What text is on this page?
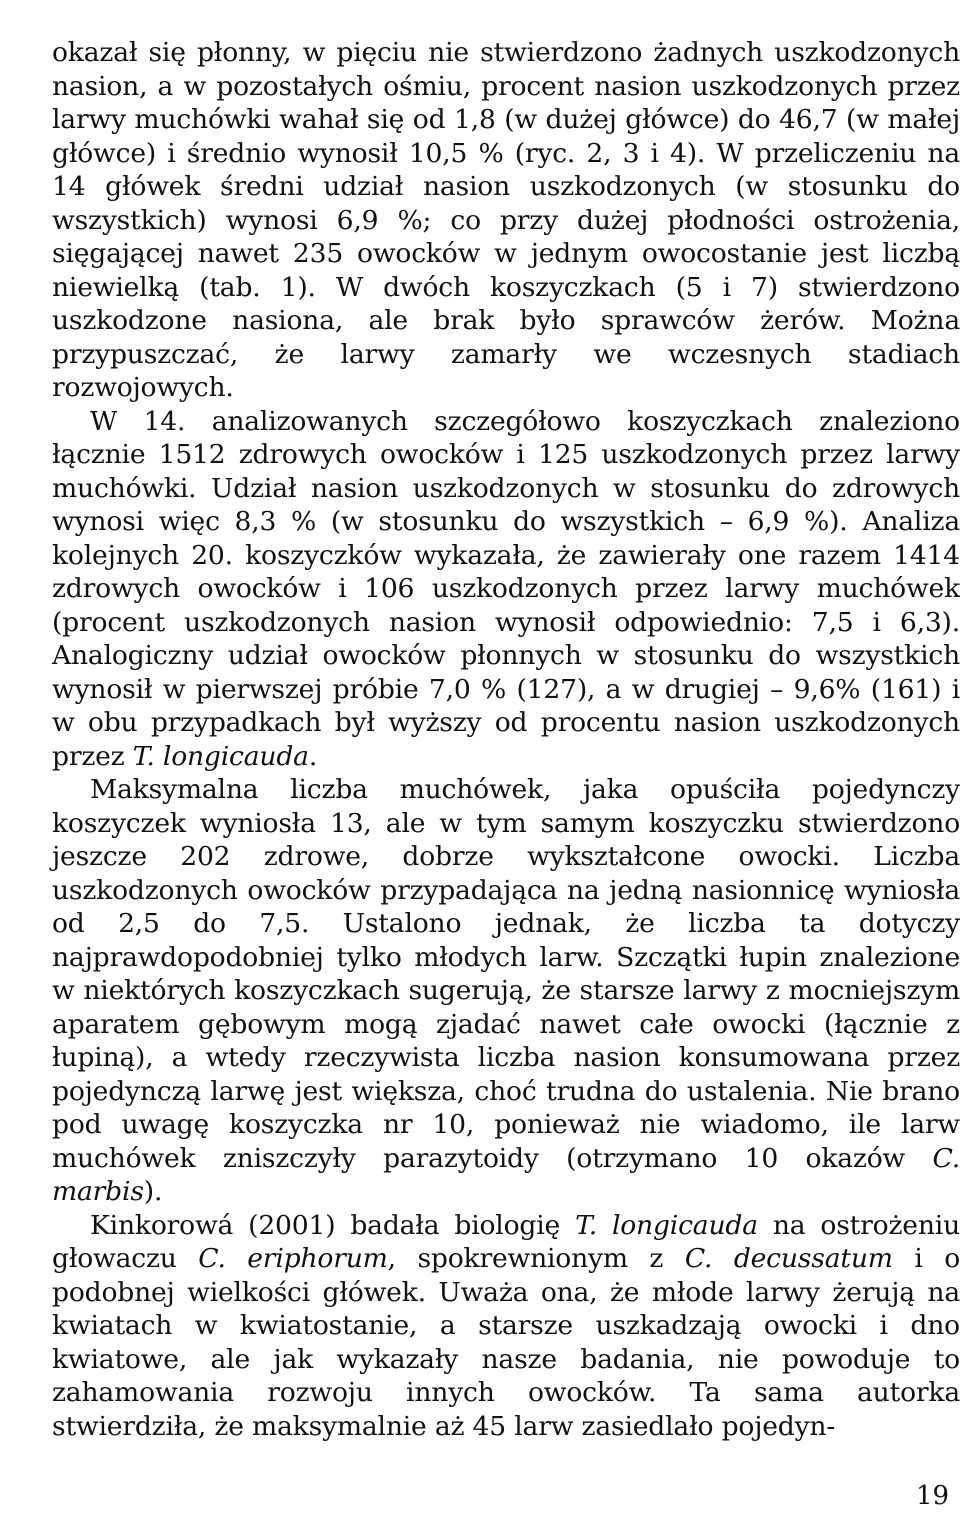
okazał się płonny, w pięciu nie stwierdzono żadnych uszkodzonych nasion, a w pozostałych ośmiu, procent nasion uszkodzonych przez larwy muchówki wahał się od 1,8 (w dużej główce) do 46,7 (w małej główce) i średnio wynosił 10,5 % (ryc. 2, 3 i 4). W przeliczeniu na 14 główek średni udział nasion uszkodzonych (w stosunku do wszystkich) wynosi 6,9 %; co przy dużej płodności ostrożenia, sięgającej nawet 235 owocków w jednym owocostanie jest liczbą niewielką (tab. 1). W dwóch koszyczkach (5 i 7) stwierdzono uszkodzone nasiona, ale brak było sprawców żerów. Można przypuszczać, że larwy zamarły we wczesnych stadiach rozwojowych.

W 14. analizowanych szczegółowo koszyczkach znaleziono łącznie 1512 zdrowych owocków i 125 uszkodzonych przez larwy muchówki. Udział nasion uszkodzonych w stosunku do zdrowych wynosi więc 8,3 % (w stosunku do wszystkich – 6,9 %). Analiza kolejnych 20. koszyczków wykazała, że zawierały one razem 1414 zdrowych owocków i 106 uszkodzonych przez larwy muchówek (procent uszkodzonych nasion wynosił odpowiednio: 7,5 i 6,3). Analogiczny udział owocków płonnych w stosunku do wszystkich wynosił w pierwszej próbie 7,0 % (127), a w drugiej – 9,6% (161) i w obu przypadkach był wyższy od procentu nasion uszkodzonych przez T. longicauda.

Maksymalna liczba muchówek, jaka opuściła pojedynczy koszyczek wyniosła 13, ale w tym samym koszyczku stwierdzono jeszcze 202 zdrowe, dobrze wykształcone owocki. Liczba uszkodzonych owocków przypadająca na jedną nasionnicę wyniosła od 2,5 do 7,5. Ustalono jednak, że liczba ta dotyczy najprawdopodobniej tylko młodych larw. Szczątki łupin znalezione w niektórych koszyczkach sugerują, że starsze larwy z mocniejszym aparatem gębowym mogą zjadać nawet całe owocki (łącznie z łupiną), a wtedy rzeczywista liczba nasion konsumowana przez pojedynczą larwę jest większa, choć trudna do ustalenia. Nie brano pod uwagę koszyczka nr 10, ponieważ nie wiadomo, ile larw muchówek zniszczyły parazytoidy (otrzymano 10 okazów C. marbis).

Kinkorowá (2001) badała biologię T. longicauda na ostrożeniu głowaczu C. eriphorum, spokrewnionym z C. decussatum i o podobnej wielkości główek. Uważa ona, że młode larwy żerują na kwiatach w kwiatostanie, a starsze uszkadzają owocki i dno kwiatowe, ale jak wykazały nasze badania, nie powoduje to zahamowania rozwoju innych owocków. Ta sama autorka stwierdziła, że maksymalnie aż 45 larw zasiedlało pojedyn-

19
